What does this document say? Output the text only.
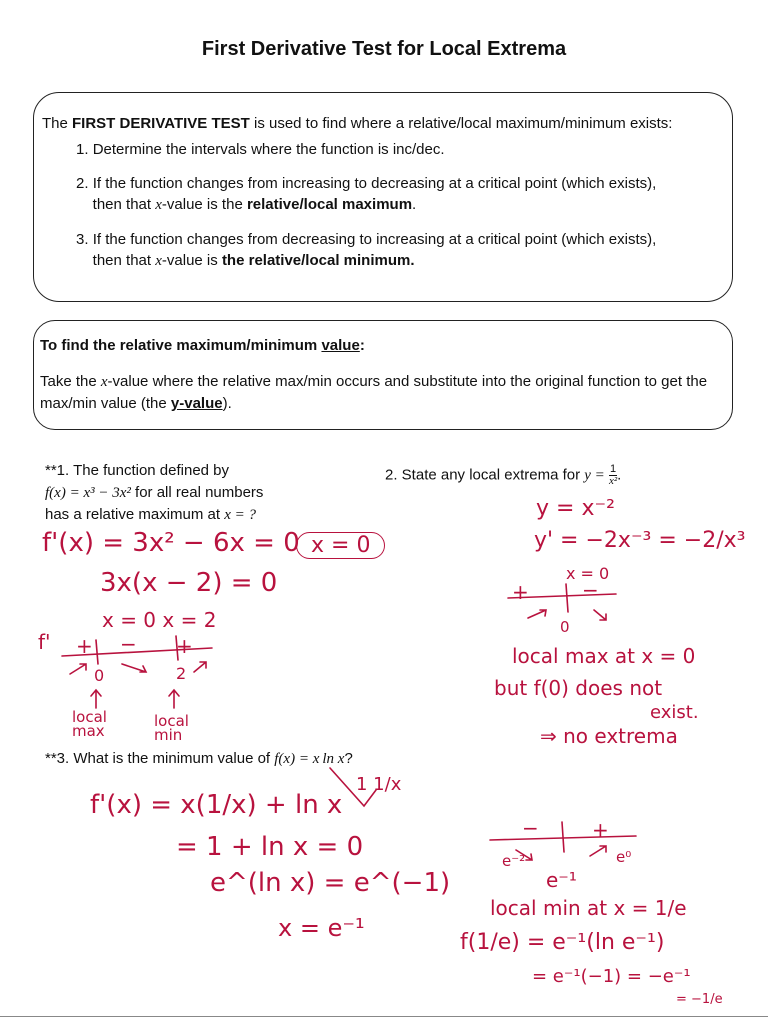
First Derivative Test for Local Extrema
The FIRST DERIVATIVE TEST is used to find where a relative/local maximum/minimum exists:
1. Determine the intervals where the function is inc/dec.
2. If the function changes from increasing to decreasing at a critical point (which exists),
then that x-value is the relative/local maximum.
3. If the function changes from decreasing to increasing at a critical point (which exists),
then that x-value is the relative/local minimum.
To find the relative maximum/minimum value:
Take the x-value where the relative max/min occurs and substitute into the original function to get the max/min value (the y-value).
**1. The function defined by
f(x) = x³ − 3x² for all real numbers
has a relative maximum at x = ?
2. State any local extrema for $y = \frac{1}{\text{x²}}$ .
**3. What is the minimum value of f(x) = x  ln x?
f'(x) = 3x² − 6x = 0 x = 0
3x(x − 2) = 0
x = 0 x = 2
f' + − +
0	2
local max
local min
y = x⁻²
y' = −2x⁻³ = −2/x³
x = 0
+	−
0
local max at x = 0
but f(0) does not
exist.
⇒ no extrema
1 1/x
f'(x) = x(1/x) + ln x
= 1 + ln x = 0
e^(ln x) = e^(−1)
x = e⁻¹
−	+
e⁻²	e⁰
e⁻¹
local min at x = 1/e
f(1/e) = e⁻¹(ln e⁻¹)
= e⁻¹(−1) = −e⁻¹
= −1/e
